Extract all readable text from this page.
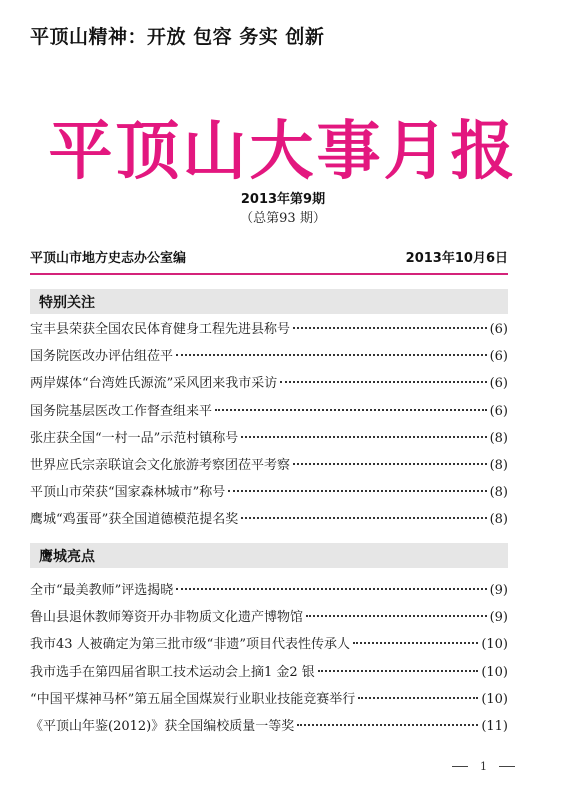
平顶山精神：开放 包容 务实 创新
平顶山大事月报
2013年第9期
（总第93 期）
平顶山市地方史志办公室编	2013年10月6日
特别关注
宝丰县荣获全国农民体育健身工程先进县称号	(6)
国务院医改办评估组莅平	(6)
两岸媒体“台湾姓氏源流”采风团来我市采访	(6)
国务院基层医改工作督查组来平	(6)
张庄获全国“一村一品”示范村镇称号	(8)
世界应氏宗亲联谊会文化旅游考察团莅平考察	(8)
平顶山市荣获“国家森林城市”称号	(8)
鹰城“鸡蛋哥”获全国道德模范提名奖	(8)
鹰城亮点
全市“最美教师”评选揭晓	(9)
鲁山县退休教师筹资开办非物质文化遗产博物馆	(9)
我市43 人被确定为第三批市级“非遗”项目代表性传承人	(10)
我市选手在第四届省职工技术运动会上摘1 金2 银	(10)
“中国平煤神马杯”第五届全国煤炭行业职业技能竞赛举行	(10)
《平顶山年鉴(2012)》获全国编校质量一等奖	(11)
1
